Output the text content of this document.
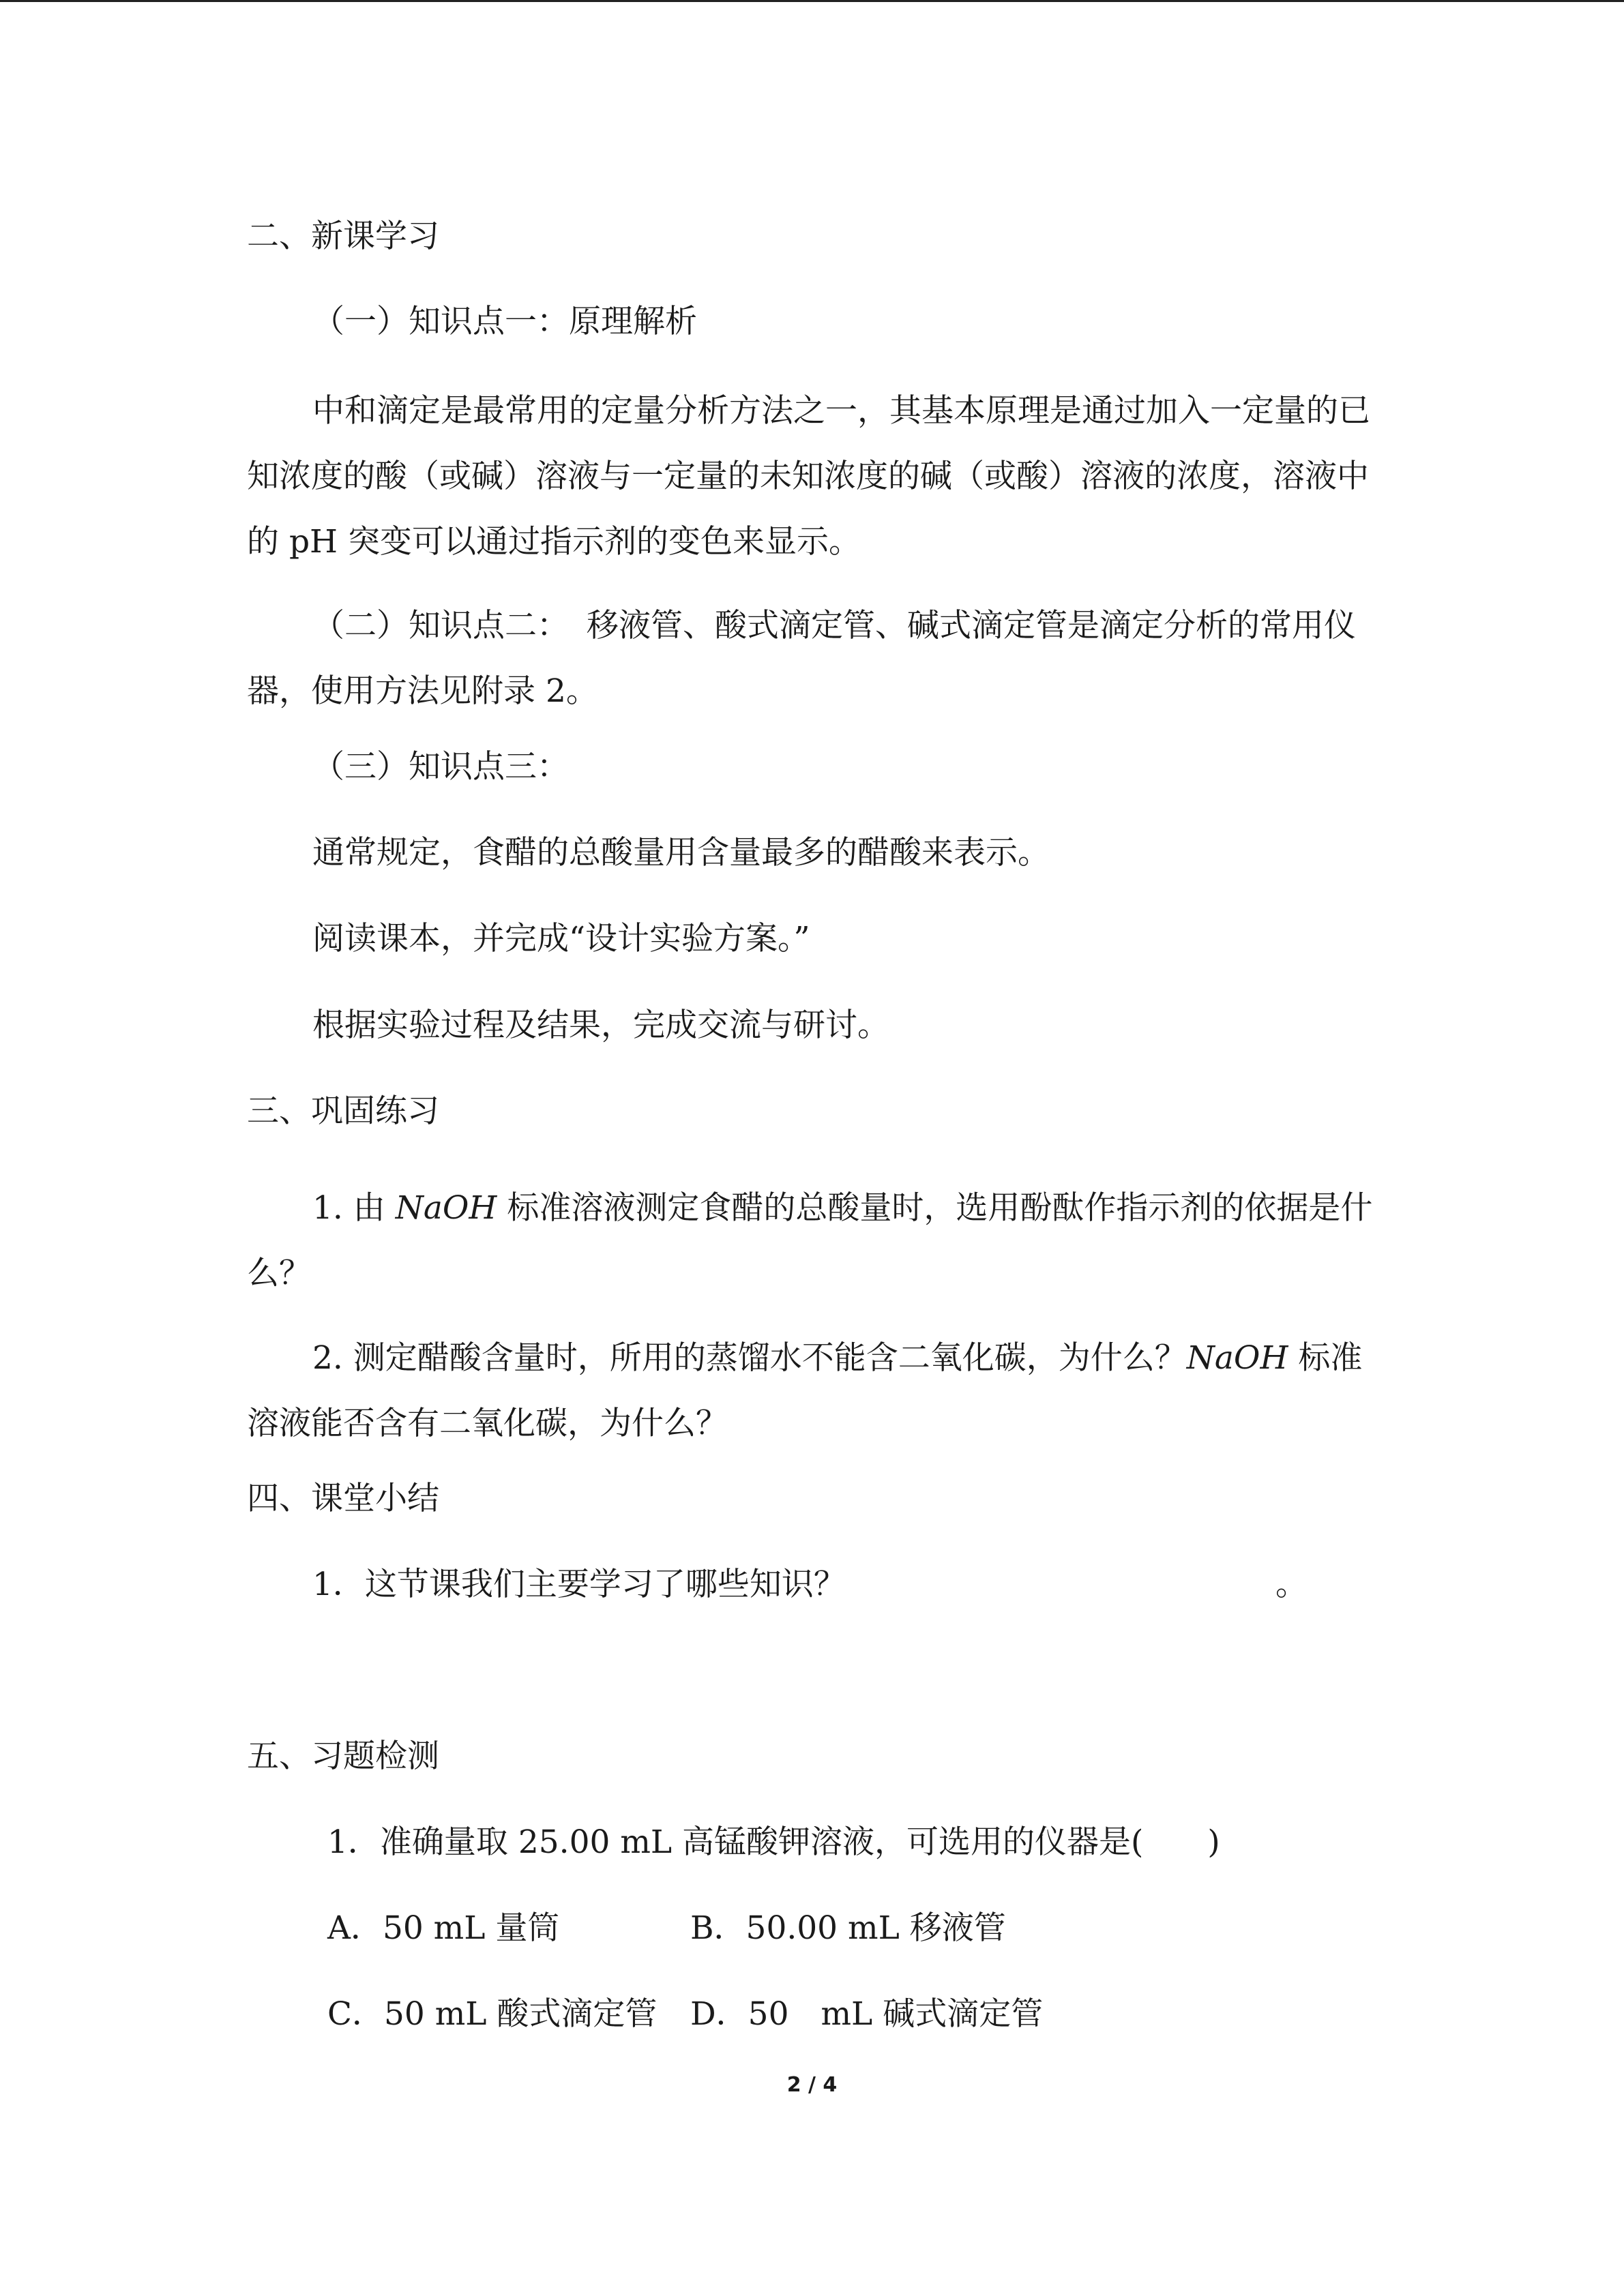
二、新课学习

（一）知识点一：原理解析

中和滴定是最常用的定量分析方法之一，其基本原理是通过加入一定量的已知浓度的酸（或碱）溶液与一定量的未知浓度的碱（或酸）溶液的浓度，溶液中的 pH 突变可以通过指示剂的变色来显示。

（二）知识点二： 移液管、酸式滴定管、碱式滴定管是滴定分析的常用仪器，使用方法见附录 2。

（三）知识点三：

通常规定，食醋的总酸量用含量最多的醋酸来表示。

阅读课本，并完成“设计实验方案。”

根据实验过程及结果，完成交流与研讨。

三、巩固练习

1. 由 NaOH 标准溶液测定食醋的总酸量时，选用酚酞作指示剂的依据是什么？

2. 测定醋酸含量时，所用的蒸馏水不能含二氧化碳，为什么？NaOH 标准溶液能否含有二氧化碳，为什么？

四、课堂小结

1．这节课我们主要学习了哪些知识？	。

五、习题检测

1．准确量取 25.00 mL 高锰酸钾溶液，可选用的仪器是(　　)

A．50 mL 量筒	B．50.00 mL 移液管

C．50 mL 酸式滴定管 D．50　mL 碱式滴定管

2 / 4
